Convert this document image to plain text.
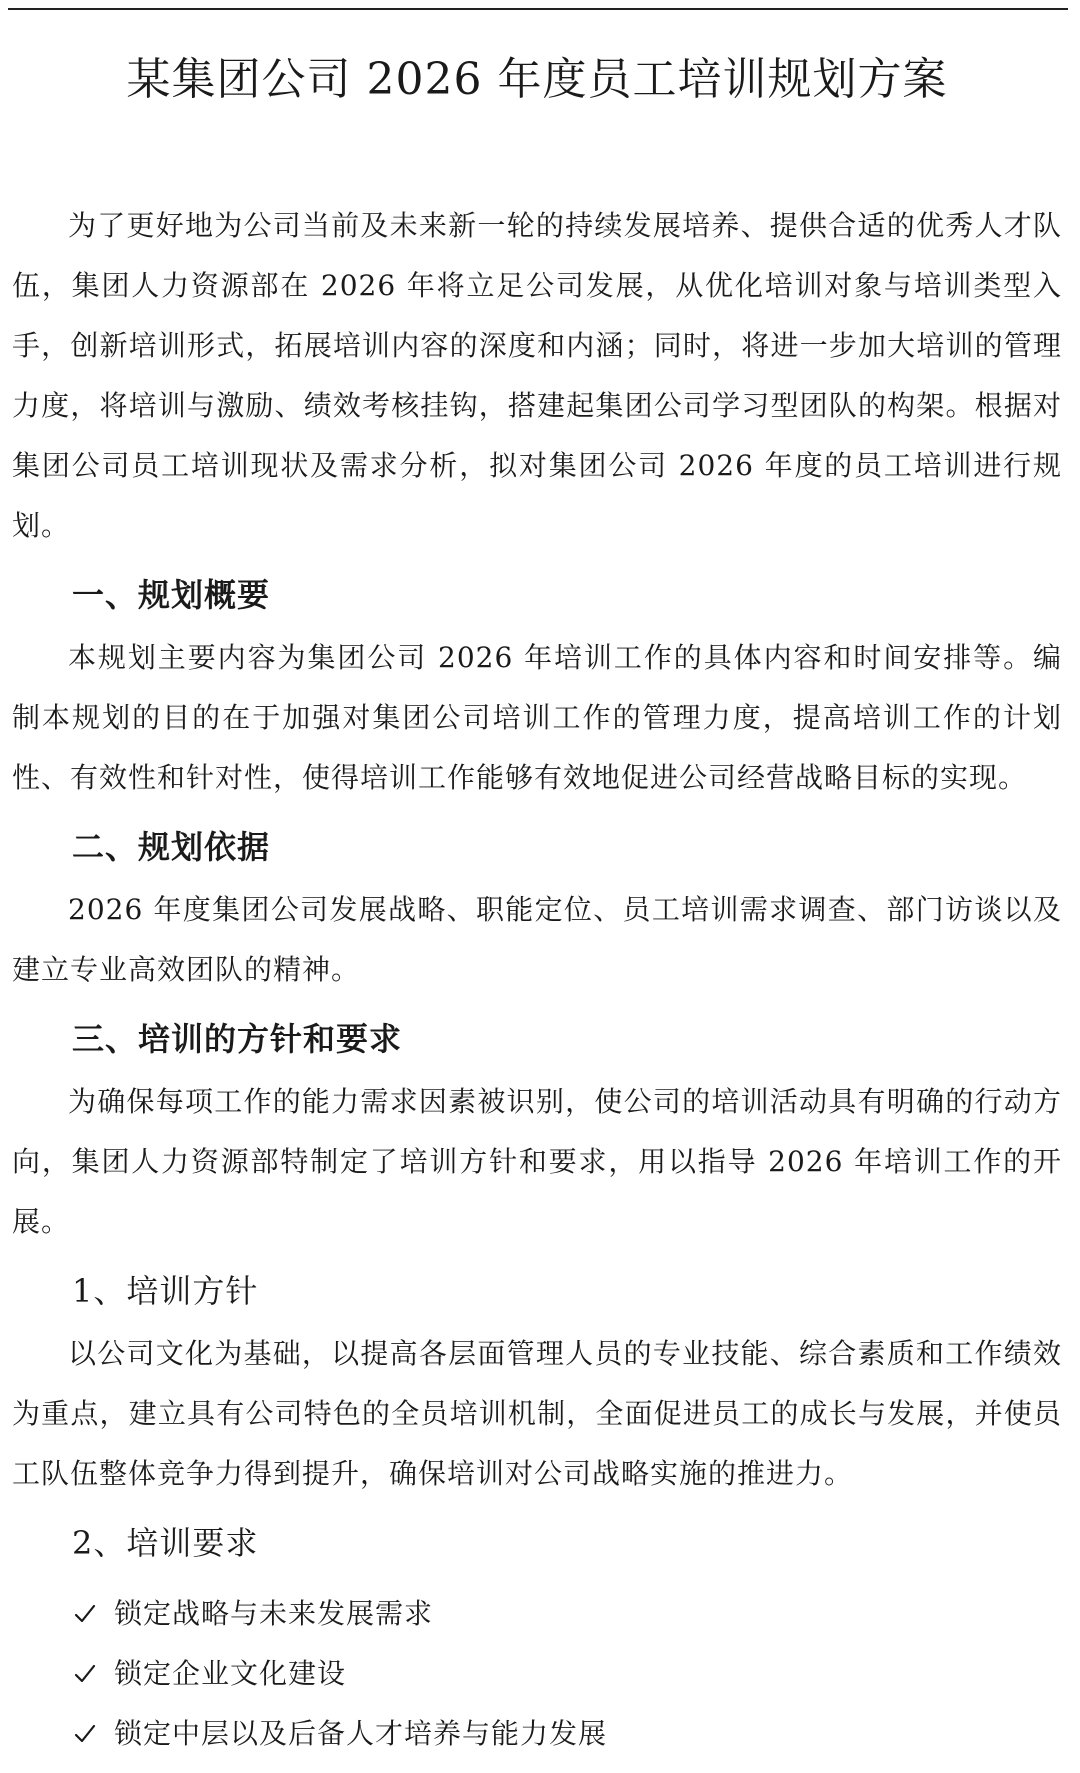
某集团公司 2026 年度员工培训规划方案

为了更好地为公司当前及未来新一轮的持续发展培养、提供合适的优秀人才队伍，集团人力资源部在 2026 年将立足公司发展，从优化培训对象与培训类型入手，创新培训形式，拓展培训内容的深度和内涵；同时，将进一步加大培训的管理力度，将培训与激励、绩效考核挂钩，搭建起集团公司学习型团队的构架。根据对集团公司员工培训现状及需求分析，拟对集团公司 2026 年度的员工培训进行规划。

一、规划概要

本规划主要内容为集团公司 2026 年培训工作的具体内容和时间安排等。编制本规划的目的在于加强对集团公司培训工作的管理力度，提高培训工作的计划性、有效性和针对性，使得培训工作能够有效地促进公司经营战略目标的实现。

二、规划依据

2026 年度集团公司发展战略、职能定位、员工培训需求调查、部门访谈以及建立专业高效团队的精神。

三、培训的方针和要求

为确保每项工作的能力需求因素被识别，使公司的培训活动具有明确的行动方向，集团人力资源部特制定了培训方针和要求，用以指导 2026 年培训工作的开展。

1、培训方针

以公司文化为基础，以提高各层面管理人员的专业技能、综合素质和工作绩效为重点，建立具有公司特色的全员培训机制，全面促进员工的成长与发展，并使员工队伍整体竞争力得到提升，确保培训对公司战略实施的推进力。

2、培训要求
锁定战略与未来发展需求
锁定企业文化建设
锁定中层以及后备人才培养与能力发展
